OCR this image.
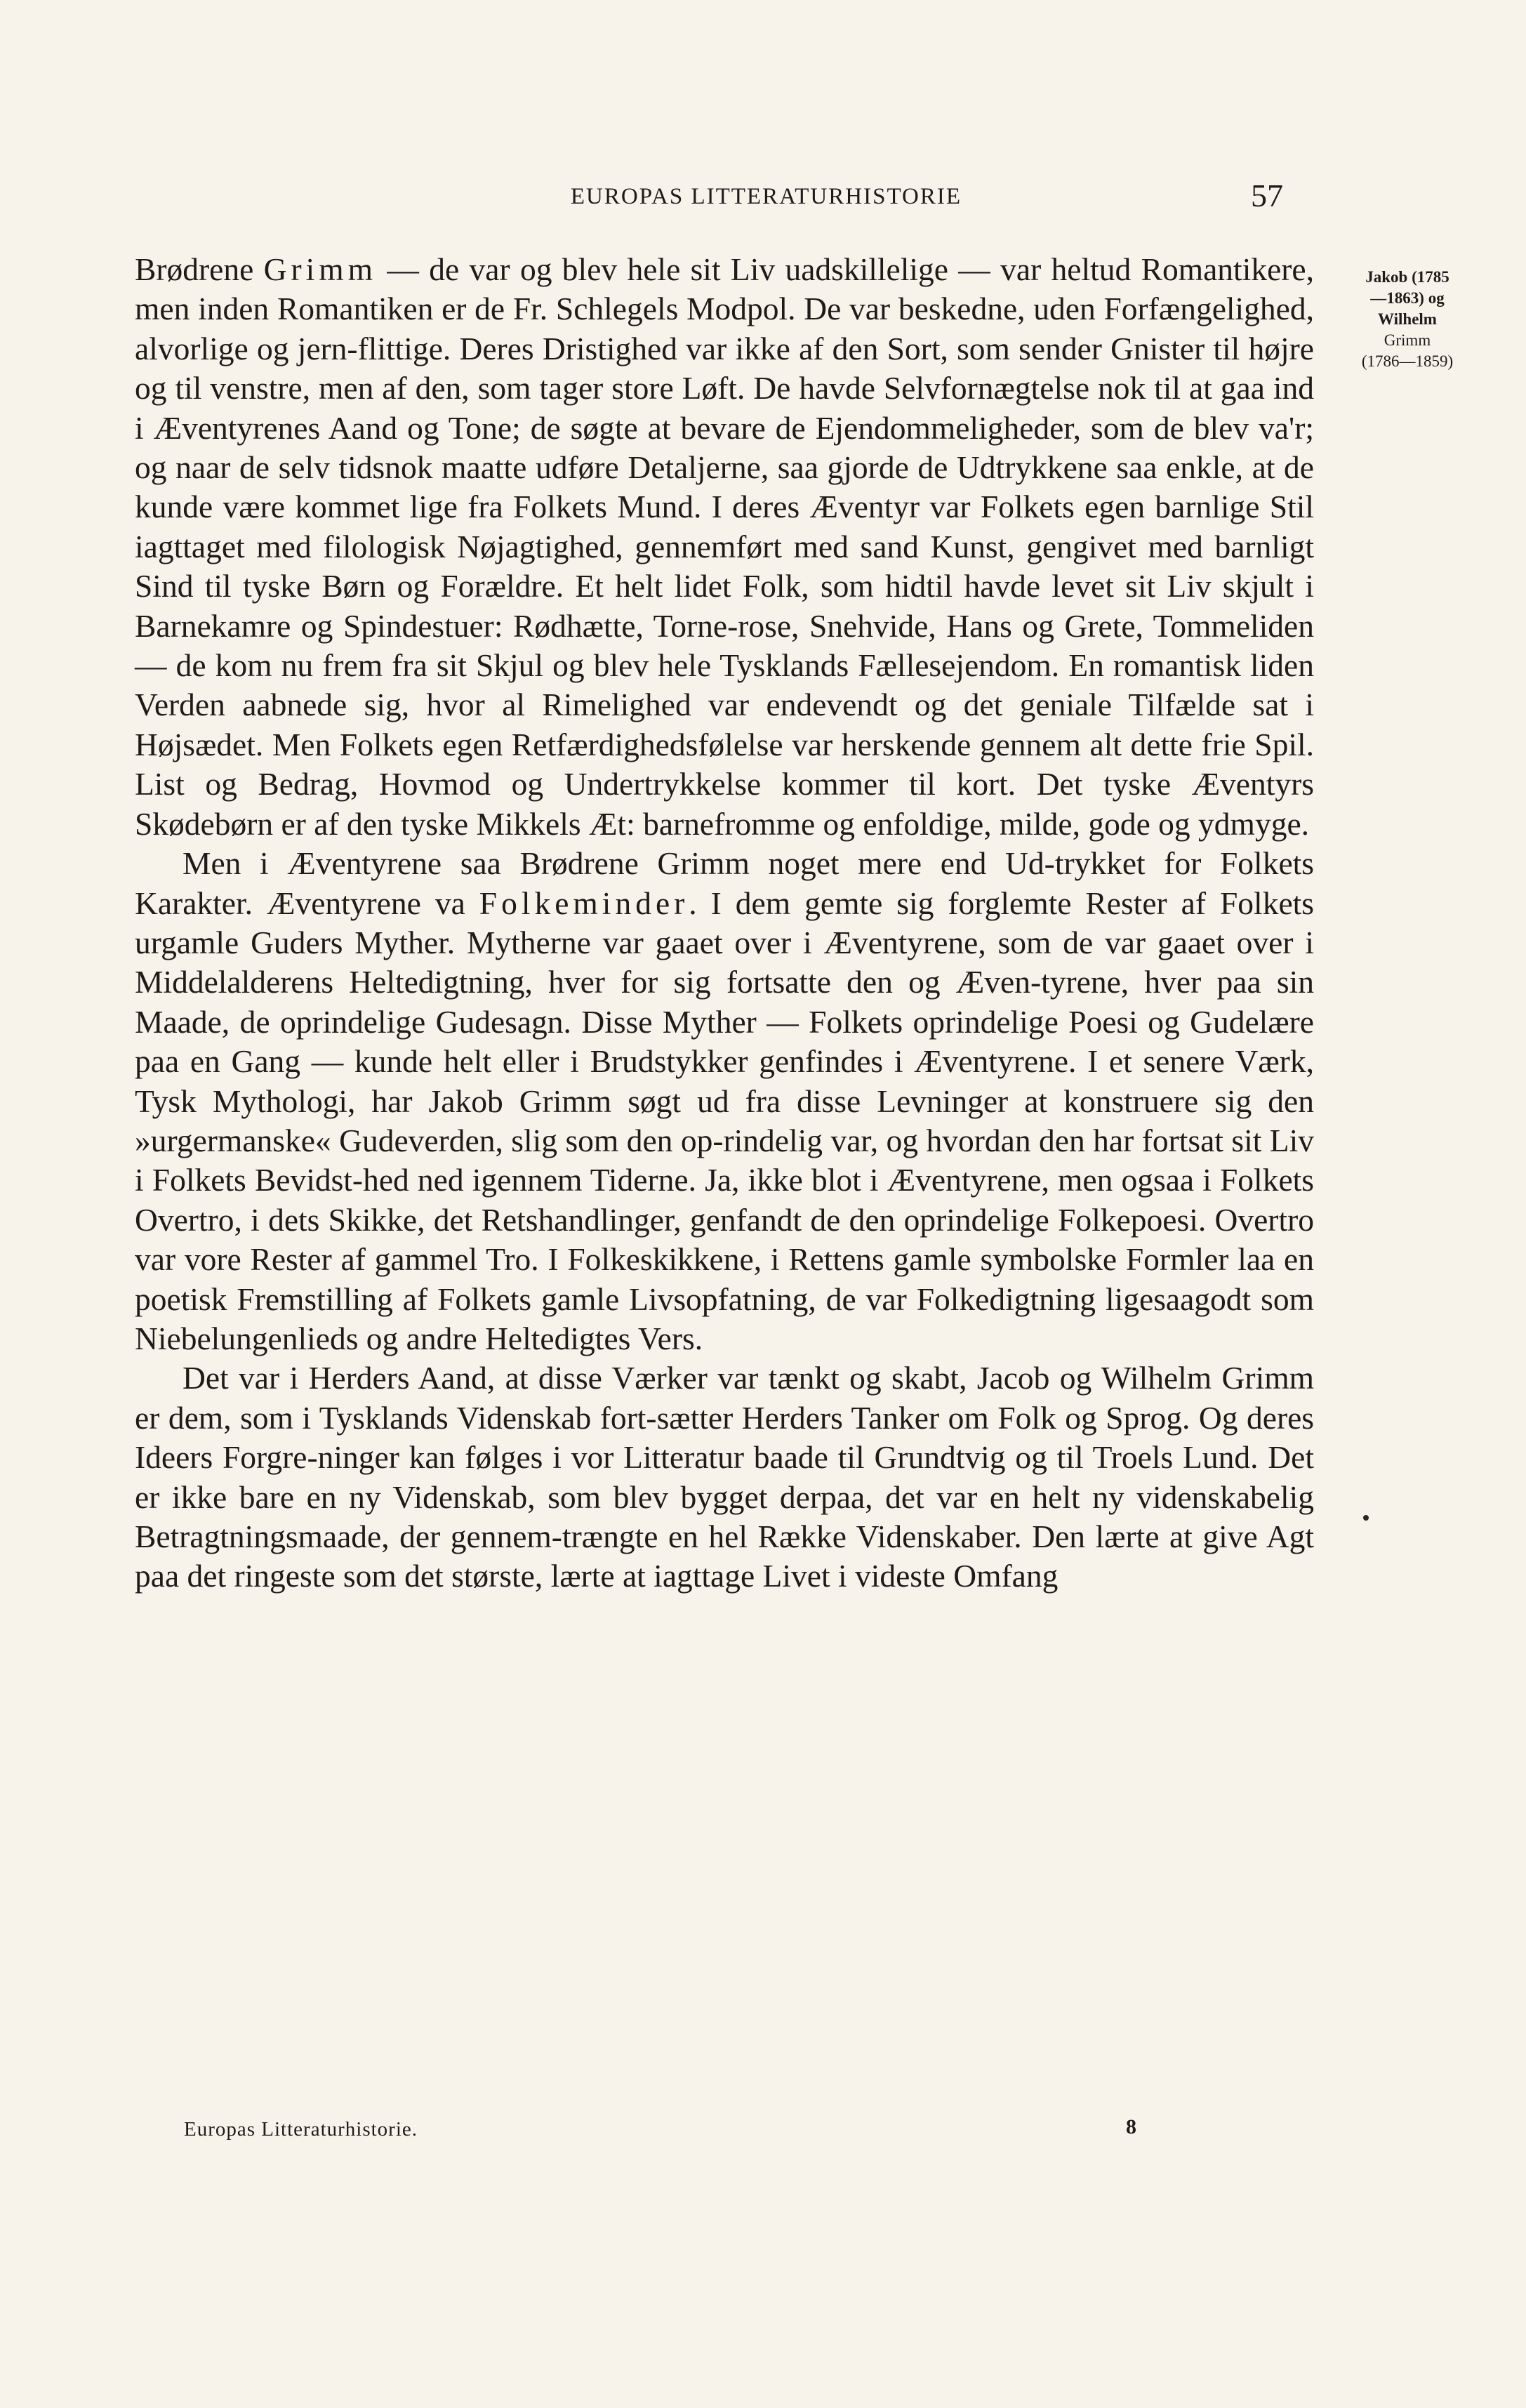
EUROPAS LITTERATURHISTORIE	57
Jakob (1785
—1863) og
Wilhelm
Grimm
(1786—1859)

Brødrene Grimm — de var og blev hele sit Liv uadskillelige — var heltud Romantikere, men inden Romantiken er de Fr. Schlegels Modpol. De var beskedne, uden Forfængelighed, alvorlige og jern-flittige. Deres Dristighed var ikke af den Sort, som sender Gnister til højre og til venstre, men af den, som tager store Løft. De havde Selvfornægtelse nok til at gaa ind i Æventyrenes Aand og Tone; de søgte at bevare de Ejendommeligheder, som de blev va'r; og naar de selv tidsnok maatte udføre Detaljerne, saa gjorde de Udtrykkene saa enkle, at de kunde være kommet lige fra Folkets Mund. I deres Æventyr var Folkets egen barnlige Stil iagttaget med filologisk Nøjagtighed, gennemført med sand Kunst, gengivet med barnligt Sind til tyske Børn og Forældre. Et helt lidet Folk, som hidtil havde levet sit Liv skjult i Barnekamre og Spindestuer: Rødhætte, Torne-rose, Snehvide, Hans og Grete, Tommeliden — de kom nu frem fra sit Skjul og blev hele Tysklands Fællesejendom. En romantisk liden Verden aabnede sig, hvor al Rimelighed var endevendt og det geniale Tilfælde sat i Højsædet. Men Folkets egen Retfærdighedsfølelse var herskende gennem alt dette frie Spil. List og Bedrag, Hovmod og Undertrykkelse kommer til kort. Det tyske Æventyrs Skødebørn er af den tyske Mikkels Æt: barnefromme og enfoldige, milde, gode og ydmyge.

Men i Æventyrene saa Brødrene Grimm noget mere end Ud-trykket for Folkets Karakter. Æventyrene va Folkeminder. I dem gemte sig forglemte Rester af Folkets urgamle Guders Myther. Mytherne var gaaet over i Æventyrene, som de var gaaet over i Middelalderens Heltedigtning, hver for sig fortsatte den og Æven-tyrene, hver paa sin Maade, de oprindelige Gudesagn. Disse Myther — Folkets oprindelige Poesi og Gudelære paa en Gang — kunde helt eller i Brudstykker genfindes i Æventyrene. I et senere Værk, Tysk Mythologi, har Jakob Grimm søgt ud fra disse Levninger at konstruere sig den »urgermanske« Gudeverden, slig som den op-rindelig var, og hvordan den har fortsat sit Liv i Folkets Bevidst-hed ned igennem Tiderne. Ja, ikke blot i Æventyrene, men ogsaa i Folkets Overtro, i dets Skikke, det Retshandlinger, genfandt de den oprindelige Folkepoesi. Overtro var vore Rester af gammel Tro. I Folkeskikkene, i Rettens gamle symbolske Formler laa en poetisk Fremstilling af Folkets gamle Livsopfatning, de var Folkedigtning ligesaagodt som Niebelungenlieds og andre Heltedigtes Vers.

Det var i Herders Aand, at disse Værker var tænkt og skabt, Jacob og Wilhelm Grimm er dem, som i Tysklands Videnskab fort-sætter Herders Tanker om Folk og Sprog. Og deres Ideers Forgre-ninger kan følges i vor Litteratur baade til Grundtvig og til Troels Lund. Det er ikke bare en ny Videnskab, som blev bygget derpaa, det var en helt ny videnskabelig Betragtningsmaade, der gennem-trængte en hel Række Videnskaber. Den lærte at give Agt paa det ringeste som det største, lærte at iagttage Livet i videste Omfang

Europas Litteraturhistorie.	8
